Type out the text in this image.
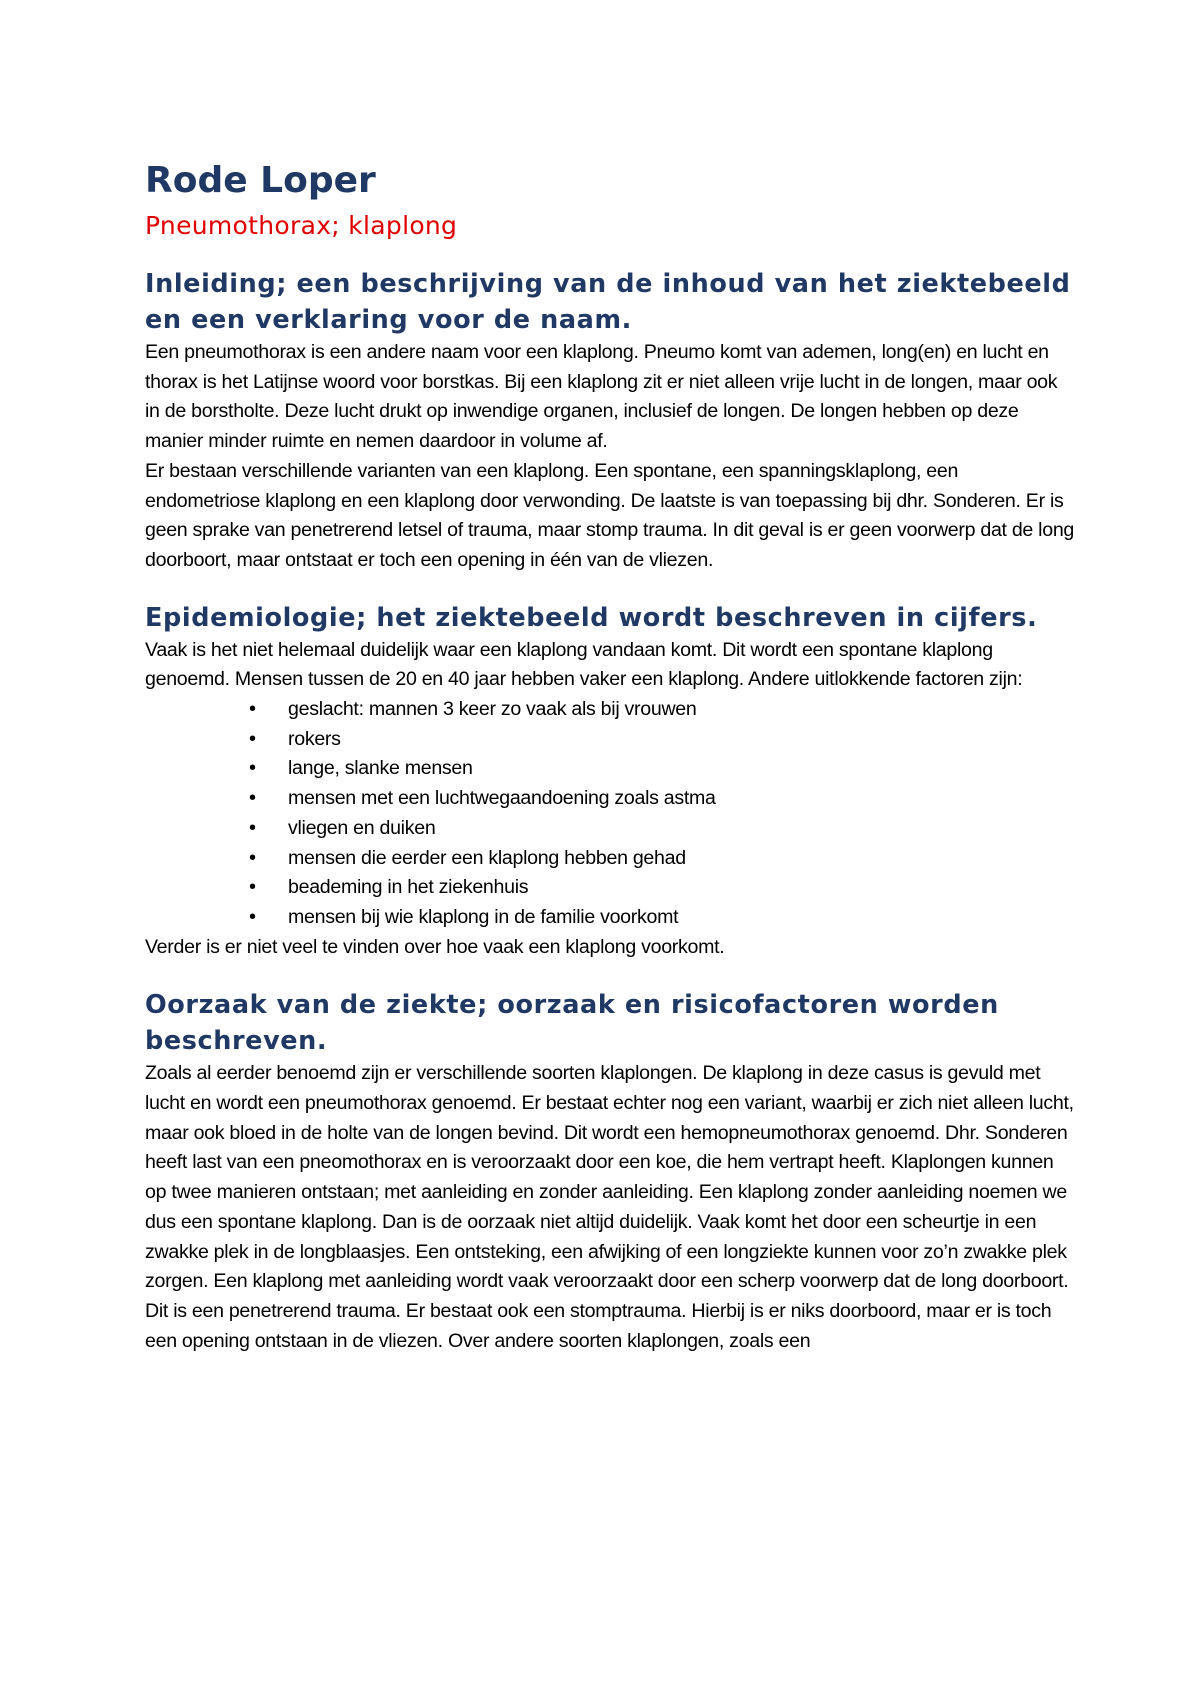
Rode Loper
Pneumothorax; klaplong
Inleiding; een beschrijving van de inhoud van het ziektebeeld en een verklaring voor de naam.

Een pneumothorax is een andere naam voor een klaplong. Pneumo komt van ademen, long(en) en lucht en thorax is het Latijnse woord voor borstkas. Bij een klaplong zit er niet alleen vrije lucht in de longen, maar ook in de borstholte. Deze lucht drukt op inwendige organen, inclusief de longen. De longen hebben op deze manier minder ruimte en nemen daardoor in volume af.

Er bestaan verschillende varianten van een klaplong. Een spontane, een spanningsklaplong, een endometriose klaplong en een klaplong door verwonding. De laatste is van toepassing bij dhr. Sonderen. Er is geen sprake van penetrerend letsel of trauma, maar stomp trauma. In dit geval is er geen voorwerp dat de long doorboort, maar ontstaat er toch een opening in één van de vliezen.

Epidemiologie; het ziektebeeld wordt beschreven in cijfers.

Vaak is het niet helemaal duidelijk waar een klaplong vandaan komt. Dit wordt een spontane klaplong genoemd. Mensen tussen de 20 en 40 jaar hebben vaker een klaplong. Andere uitlokkende factoren zijn:

• geslacht: mannen 3 keer zo vaak als bij vrouwen
• rokers
• lange, slanke mensen
• mensen met een luchtwegaandoening zoals astma
• vliegen en duiken
• mensen die eerder een klaplong hebben gehad
• beademing in het ziekenhuis
• mensen bij wie klaplong in de familie voorkomt

Verder is er niet veel te vinden over hoe vaak een klaplong voorkomt.

Oorzaak van de ziekte; oorzaak en risicofactoren worden beschreven.

Zoals al eerder benoemd zijn er verschillende soorten klaplongen. De klaplong in deze casus is gevuld met lucht en wordt een pneumothorax genoemd. Er bestaat echter nog een variant, waarbij er zich niet alleen lucht, maar ook bloed in de holte van de longen bevind. Dit wordt een hemopneumothorax genoemd. Dhr. Sonderen heeft last van een pneomothorax en is veroorzaakt door een koe, die hem vertrapt heeft. Klaplongen kunnen op twee manieren ontstaan; met aanleiding en zonder aanleiding. Een klaplong zonder aanleiding noemen we dus een spontane klaplong. Dan is de oorzaak niet altijd duidelijk. Vaak komt het door een scheurtje in een zwakke plek in de longblaasjes. Een ontsteking, een afwijking of een longziekte kunnen voor zo’n zwakke plek zorgen. Een klaplong met aanleiding wordt vaak veroorzaakt door een scherp voorwerp dat de long doorboort. Dit is een penetrerend trauma. Er bestaat ook een stomptrauma. Hierbij is er niks doorboord, maar er is toch een opening ontstaan in de vliezen. Over andere soorten klaplongen, zoals een
